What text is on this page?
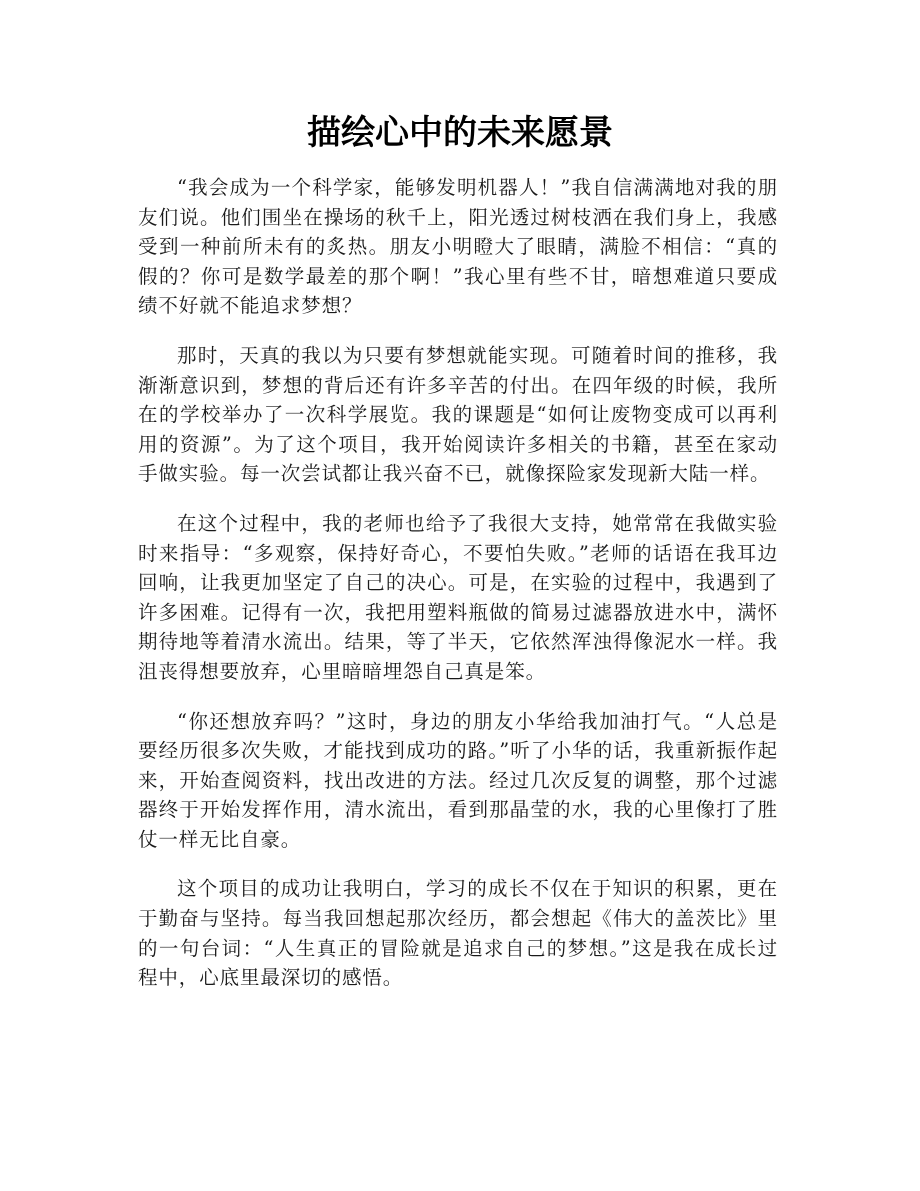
描绘心中的未来愿景

“我会成为一个科学家，能够发明机器人！”我自信满满地对我的朋友们说。他们围坐在操场的秋千上，阳光透过树枝洒在我们身上，我感受到一种前所未有的炙热。朋友小明瞪大了眼睛，满脸不相信：“真的假的？你可是数学最差的那个啊！”我心里有些不甘，暗想难道只要成绩不好就不能追求梦想？

那时，天真的我以为只要有梦想就能实现。可随着时间的推移，我渐渐意识到，梦想的背后还有许多辛苦的付出。在四年级的时候，我所在的学校举办了一次科学展览。我的课题是“如何让废物变成可以再利用的资源”。为了这个项目，我开始阅读许多相关的书籍，甚至在家动手做实验。每一次尝试都让我兴奋不已，就像探险家发现新大陆一样。

在这个过程中，我的老师也给予了我很大支持，她常常在我做实验时来指导：“多观察，保持好奇心，不要怕失败。”老师的话语在我耳边回响，让我更加坚定了自己的决心。可是，在实验的过程中，我遇到了许多困难。记得有一次，我把用塑料瓶做的简易过滤器放进水中，满怀期待地等着清水流出。结果，等了半天，它依然浑浊得像泥水一样。我沮丧得想要放弃，心里暗暗埋怨自己真是笨。

“你还想放弃吗？”这时，身边的朋友小华给我加油打气。“人总是要经历很多次失败，才能找到成功的路。”听了小华的话，我重新振作起来，开始查阅资料，找出改进的方法。经过几次反复的调整，那个过滤器终于开始发挥作用，清水流出，看到那晶莹的水，我的心里像打了胜仗一样无比自豪。

这个项目的成功让我明白，学习的成长不仅在于知识的积累，更在于勤奋与坚持。每当我回想起那次经历，都会想起《伟大的盖茨比》里的一句台词：“人生真正的冒险就是追求自己的梦想。”这是我在成长过程中，心底里最深切的感悟。
